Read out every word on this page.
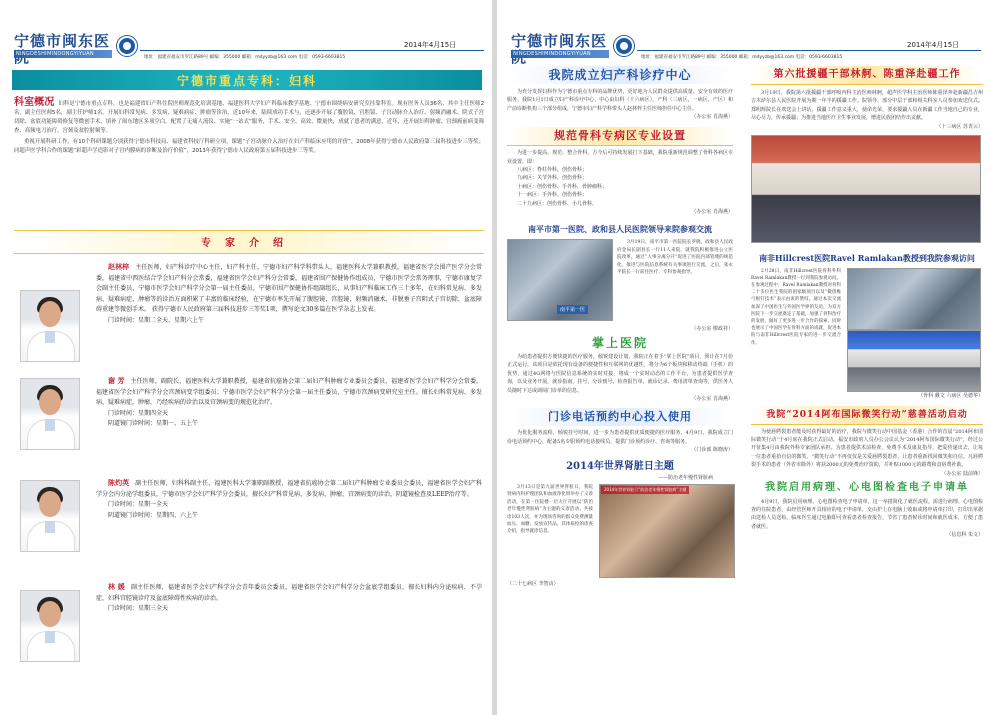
宁德市闽东医
NINGDESHIMINDONGYIYUAN
2014年4月15日
地址：福建省福安市罗江路89号 邮编：355000 邮箱：mdyyzb@163.com 电话：0593-6603815
宁德市重点专科：妇科
科室概况 妇科是宁德市重点专科，也是福建省妇产科住院医师规范化培训基地、福建医科大学妇产科临床教学基地、宁德市围绕病安研究室挂靠科室。现有医务人员36名，其中主任医师2名，副主任医师5名，副主任护师1名。开展妇科常见病、多发病、疑难病症、肿瘤等诊治，近10年来，陆续成功手术与，还逐步开展了腹腔镜、宫腔镜、子宫动脉介入治疗、射频消融术、阴式子宫切除、盆底功能障碍修复等微创手术，填补了闽东地区多项空白。配置了无痛人流仪、实施“一站式”服务，手术、安全、高效、微量快，成就了患者的满意，近年，还开展妇科肿瘤、宫颈癌前病变筛查、高频电刀治疗，宫颈及盆腔射频等。
重视开展科研工作，有10个科研课题分别获得宁德市科技局、福建省科技厅科研立项，课题“子宫动脉介入治疗在妇产科临床应用的评价”，2008年获得宁德市人民政府第三届科技进步三等奖；同超声医学科合作的课题“彩超声学造影对子宫内膜病的诊断及治疗价值”，2013年获得宁德市人民政府第五届科技进步三等奖。
专家介绍
赵林梓 主任医师，妇产科诊疗中心主任，妇产科主任，宁德市妇产科学科带头人，福建医科大学兼职教授。福建省医学会围产医学分会常委，福建省中西医结合学会妇产科分会常委，福建省医学会妇产科分会常委，福建省围产保健协作组成员，宁德市医学会常务理事，宁德市康复学会副主任委员，宁德市医学会妇产科学分会第一届主任委员，宁德市围产保健协作组副组长，从事妇产科临床工作三十多年，在妇科常见病、多发病、疑难病症、肿瘤等的诊治方面积累了丰富的临床经验，在宁德市率先开展了腹腔镜、宫腔镜、射频消融术、非脱垂子宫阴式子宫切除，盆底障碍重建等微创手术。 获得宁德市人民政府第三届科技进步三等奖1项，撰写论文30多篇在医学杂志上发表。
门诊时间：星期二全天、星期六上午
谢 芳 主任医师，副院长，福建医科大学兼职教授，福建省抗癌协会第二届妇产科肿瘤专业委员会委员，福建省医学会妇产科学分会常委，福建省医学会妇产科学分会宫颈病变学组委员；宁德市医学会妇产科学分会第一届主任委员，宁德市宫颈病变研究室主任。擅长妇科常见病、多发病，疑难病症，肿瘤，乃经疾病的诊治以及宫颈病变的规范化治疗。
门诊时间：星期四全天
阴道镜门诊时间：星期一、五上午
陈灼英 副主任医师，妇科科副主任，福建医科大学兼职副教授，福建省抗癌协会第二届妇产科肿瘤专业委员会委员，福建省医学会妇产科学分会内分泌学组委员，宁德市医学会妇产科学分会委员，擅长妇产科常见病、多发病、肿瘤、宫颈病变的诊治，阴道镜检查及LEEP治疗等。
门诊时间：星期一全天
阴道镜门诊时间：星期四、六上午
林 媛 副主任医师，福建省医学会妇产科学分会青年委员会委员，福建省医学会妇产科学分会盆底学组委员，擅长妇科内分泌疾病、不孕症、妇科宫腔镜诊疗及盆底障碍性疾病的诊治。
门诊时间：星期三全天
宁德市闽东医
NINGDESHIMINDONGYIYUAN
2014年4月15日
地址：福建省福安市罗江路89号 邮编：355000 邮箱：mdyyzb@163.com 电话：0593-6603815
我院成立妇产科诊疗中心
为充分发挥妇科作为宁德市重点专科的品牌优势，更好地为人民群众提供高质量、安全有效的医疗服务，我院1月1日成立妇产科诊疗中心，中心由妇科（十六病区），产科（三病区、一病区、产区）和产前诊断机构三个部分组成，宁德市妇产科学科带头人赵林梓主任医师担任中心主任。
（办公室 肖海燕）
规范骨科专病区专业设置
为进一步提高、规范、整合骨科，方今后可持续发展打下基础，我院重新规范调整了骨科各病区专业设置。即：
八病区：脊柱外科，创伤骨科；
九病区：关节外科，创伤骨科；
十病区：创伤骨科、手外科、骨肿瘤科；
十一病区：手外科，创伤骨科；
二十九病区：创伤骨科、小儿骨科。
（办公室 肖海燕）
南平市第一医院、政和县人民医院领导来院参观交流
南平第一医
3月19日，南平市第一医院院长罗晓，政和县人民政府金局长副县长一行11人来院，就我院积极推进公立医院改革，通过“人事分离分开”促进了医院内部管理的规范化、推进与医院信息系统有关事项进行交流。之后，张永平院长一行前往医疗、专科参观指导。
（办公室 缪政祥）
掌上医院
为给患者提供方便快捷的医疗服务，倾锐建设计划，我院正在着手“掌上医院”项目，预计在7月份正式运行。该项目是依托现有设备的便捷性和互联网的优越性，将分为6个板块和移动终端（手机）的优势，通过4G网络与医院信息系统的实时对接，将成一个实时动态的工作平台，为患者提供医学查询，以及业务开展，就诊指南，挂号，分诊到号、检查报告单、就诊记录、费用清单查询等，供医务人员随时下达或调阅门诊单的信息。
（办公室 肖海燕）
门诊电话预约中心投入使用
为优化服务流程，倾锐挂号时间，进一步为患者提供优质便捷的医疗服务，4月9日，我院成立门诊电话预约中心，配备5名专职预约电话接线员，提供门诊预约诊疗、咨询等服务。
（门诊部 陈晓涛）
2014年世界肾脏日主题
——防治老年慢性肾脏病
3月13日是第九届世界肾脏日，我院肾病内科护理团队和血液净化组举办了义诊活动，在第一住院楼一层大厅开展以“防治老年慢性肾脏病”为主题的义诊活动。共接诊103人次，并为现场咨询的群众免费测量血压、血糖，发放宣传品，其体质检的诊查介绍，指导就诊信息。
2014年世界肾脏日“防治老年慢性肾脏病”主题
（二十七病区 李智贞）
第六批援疆干部林舸、陈重泽赴疆工作
3月19日，我院第六批援疆干部呼吸内科主治医师林舸，超声医学科主治医师陈重泽奔赴新疆昌吉州吉木萨尔县人民医院开展为期一年半的援疆工作。院领导、部分中层干部和相关科室人员参加欢送仪式。郑明辉院长在欢送会上讲话，援疆工作意义重大，使命光荣，要求援疆人员在新疆工作当地自己的专业，尽心尽力，传承援疆；为推进当地医疗卫生事业发展，增进民族团结作出贡献。
（十三病区 苏青云）
南非Hillcrest医院Ravel Ramlakan教授到我院参观访问
2月28日，南非Hillcrest医院骨科外科Ravel Ramlakan教授一行到我院参观访问。在参观过程中，Ravel Ramlakan教授对骨科二十多位医生我院的国家级项目以及“微创椎弓根钉技术”表示由衷的赞叹。通过本次交流加深了中国医生与外国医学界的友谊，为双方医院下一步交流奠定了基础，加强了骨科治疗的发展，做好了更多进一步合作的探索。同时也展示了中国医学在骨科方面的成就，促进本院与南非Hillcrest医院专家的进一步交流合作。
（骨科 戴文 六病区 吴德华）
我院“2014阿布国际微笑行动”慈善活动启动
为使唇腭裂患者能及时获得最好的治疗，我院与微笑行动中国基金（香港）合作的首届“2014阿布国际微笑行动”于4月底在我院正式启动。福安市政府人员办公会议认为“2014阿布国际微笑行动”，经过公开征集4月由我院外科专家团队承担。为患者提供术前检查，免费手术及康复指导，把爱传递出去，让每一位患者重拾自信的微笑。“微笑行动”不再仅仅是关爱唇腭裂患者，让患者重新找回微笑和自信。凡唇腭裂手术的患者（外省市除外）将获2000元的免费治疗资助，并补贴1000元的路费和食宿费补助。
（办公室 陆前锋）
我院启用病理、心电图检查电子申请单
4月9日，我院启用病理、心电图检查电子申请单，这一举措简化了就医流程。需进行病理、心电图检查的住院患者，由经管医师开具相应的电子申请单，交由护士在电脑上收取或将申请单打印，打印出单据由送检人员送检。临床医生通过电脑即可查看患者检查报告，节省了患者候诊时间和就医成本，方便了患者就医。
（信息科 朱文）
